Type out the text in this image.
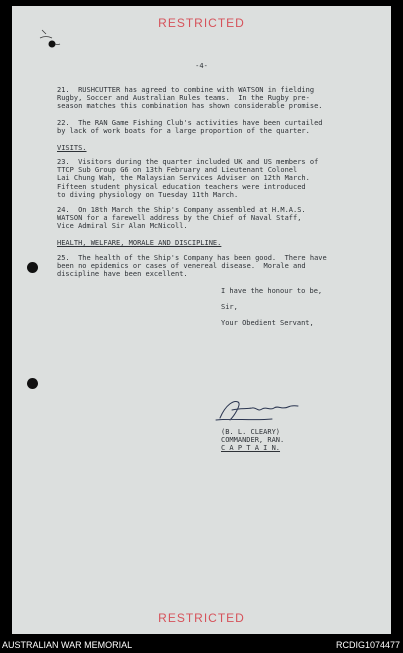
RESTRICTED
-4-
21.  RUSHCUTTER has agreed to combine with WATSON in fielding
Rugby, Soccer and Australian Rules teams.  In the Rugby pre-
season matches this combination has shown considerable promise.
22.  The RAN Game Fishing Club's activities have been curtailed
by lack of work boats for a large proportion of the quarter.
VISITS.
23.  Visitors during the quarter included UK and US members of
TTCP Sub Group G6 on 13th February and Lieutenant Colonel
Lai Chung Wah, the Malaysian Services Adviser on 12th March.
Fifteen student physical education teachers were introduced
to diving physiology on Tuesday 11th March.
24.  On 18th March the Ship's Company assembled at H.M.A.S.
WATSON for a farewell address by the Chief of Naval Staff,
Vice Admiral Sir Alan McNicoll.
HEALTH, WELFARE, MORALE AND DISCIPLINE.
25.  The health of the Ship's Company has been good.  There have
been no epidemics or cases of venereal disease.  Morale and
discipline have been excellent.
I have the honour to be,
Sir,
Your Obedient Servant,
(B. L. CLEARY)
COMMANDER, RAN.
C A P T A I N.
RESTRICTED
AUSTRALIAN WAR MEMORIAL	RCDIG1074477
